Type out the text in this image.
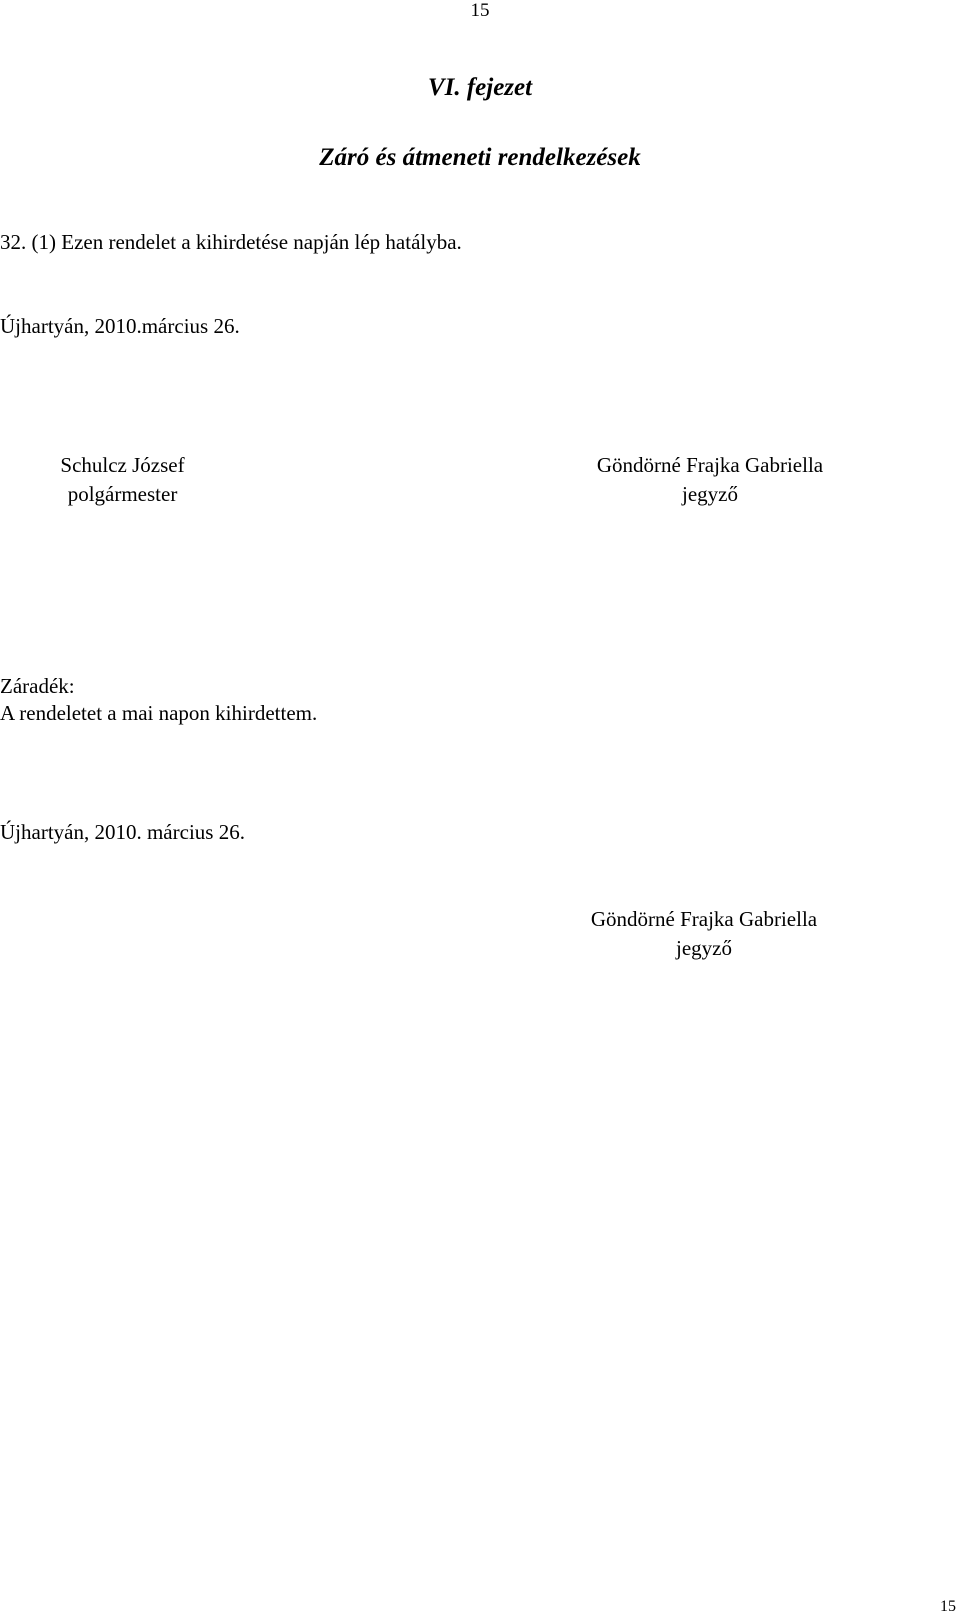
15
VI. fejezet
Záró és átmeneti rendelkezések
32. (1) Ezen rendelet a kihirdetése napján lép hatályba.
Újhartyán, 2010.március 26.
Schulcz József
polgármester
Göndörné Frajka Gabriella
jegyző
Záradék:
A rendeletet a mai napon kihirdettem.
Újhartyán, 2010. március 26.
Göndörné Frajka Gabriella
jegyző
15
